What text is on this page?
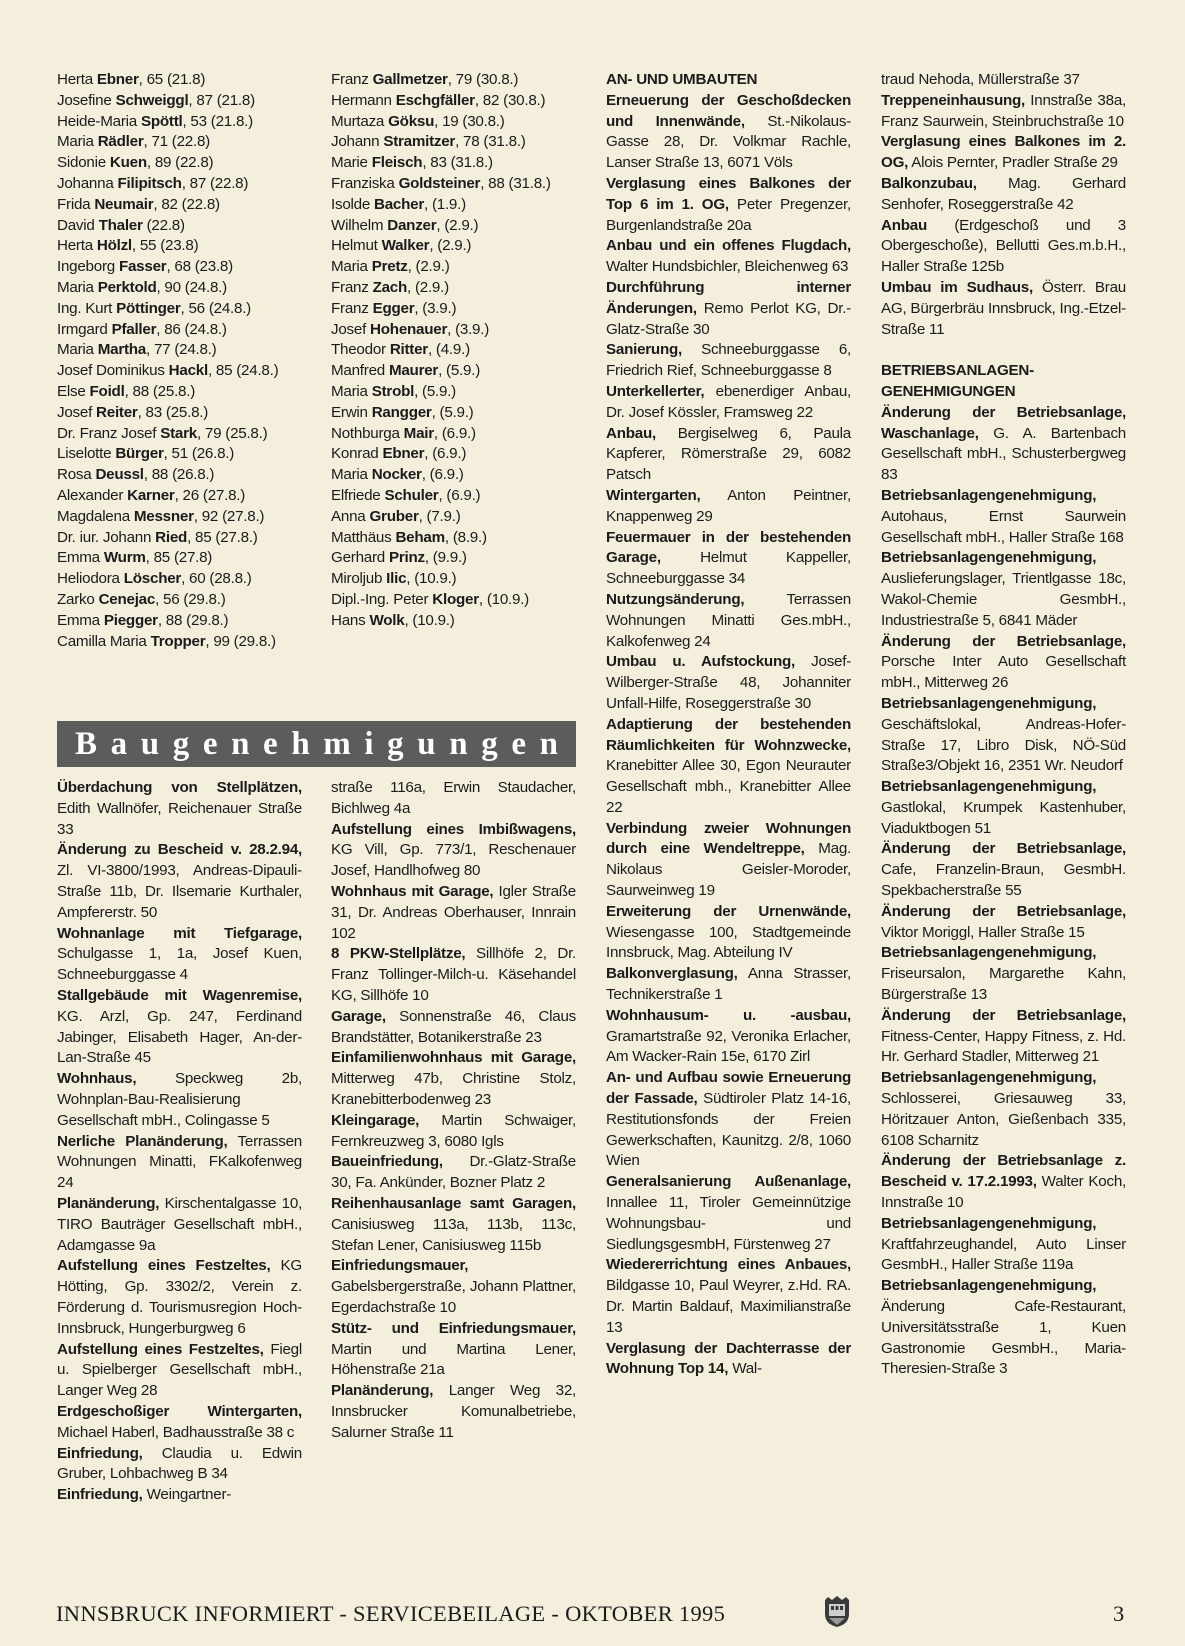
Herta Ebner, 65 (21.8)

Josefine Schweiggl, 87 (21.8)

Heide-Maria Spöttl, 53 (21.8.)

Maria Rädler, 71 (22.8)

Sidonie Kuen, 89 (22.8)

Johanna Filipitsch, 87 (22.8)

Frida Neumair, 82 (22.8)

David Thaler (22.8)

Herta Hölzl, 55 (23.8)

Ingeborg Fasser, 68 (23.8)

Maria Perktold, 90 (24.8.)

Ing. Kurt Pöttinger, 56 (24.8.)

Irmgard Pfaller, 86 (24.8.)

Maria Martha, 77 (24.8.)

Josef Dominikus Hackl, 85 (24.8.)

Else Foidl, 88 (25.8.)

Josef Reiter, 83 (25.8.)

Dr. Franz Josef Stark, 79 (25.8.)

Liselotte Bürger, 51 (26.8.)

Rosa Deussl, 88 (26.8.)

Alexander Karner, 26 (27.8.)

Magdalena Messner, 92 (27.8.)

Dr. iur. Johann Ried, 85 (27.8.)

Emma Wurm, 85 (27.8)

Heliodora Löscher, 60 (28.8.)

Zarko Cenejac, 56 (29.8.)

Emma Piegger, 88 (29.8.)

Camilla Maria Tropper, 99 (29.8.)

Franz Gallmetzer, 79 (30.8.)

Hermann Eschgfäller, 82 (30.8.)

Murtaza Göksu, 19 (30.8.)

Johann Stramitzer, 78 (31.8.)

Marie Fleisch, 83 (31.8.)

Franziska Goldsteiner, 88 (31.8.)

Isolde Bacher, (1.9.)

Wilhelm Danzer, (2.9.)

Helmut Walker, (2.9.)

Maria Pretz, (2.9.)

Franz Zach, (2.9.)

Franz Egger, (3.9.)

Josef Hohenauer, (3.9.)

Theodor Ritter, (4.9.)

Manfred Maurer, (5.9.)

Maria Strobl, (5.9.)

Erwin Rangger, (5.9.)

Nothburga Mair, (6.9.)

Konrad Ebner, (6.9.)

Maria Nocker, (6.9.)

Elfriede Schuler, (6.9.)

Anna Gruber, (7.9.)

Matthäus Beham, (8.9.)

Gerhard Prinz, (9.9.)

Miroljub Ilic, (10.9.)

Dipl.-Ing. Peter Kloger, (10.9.)

Hans Wolk, (10.9.)

B a u g e n e h m i g u n g e n

Überdachung von Stellplätzen, Edith Wallnöfer, Reichenauer Straße 33

Änderung zu Bescheid v. 28.2.94, Zl. VI-3800/1993, Andreas-Dipauli-Straße 11b, Dr. Ilsemarie Kurthaler, Ampfererstr. 50

Wohnanlage mit Tiefgarage, Schulgasse 1, 1a, Josef Kuen, Schneeburggasse 4

Stallgebäude mit Wagenremise, KG. Arzl, Gp. 247, Ferdinand Jabinger, Elisabeth Hager, An-der-Lan-Straße 45

Wohnhaus, Speckweg 2b, Wohnplan-Bau-Realisierung Gesellschaft mbH., Colingasse 5

Nerliche Planänderung, Terrassen Wohnungen Minatti, FKalkofenweg 24

Planänderung, Kirschentalgasse 10, TIRO Bauträger Gesellschaft mbH., Adamgasse 9a

Aufstellung eines Festzeltes, KG Hötting, Gp. 3302/2, Verein z. Förderung d. Tourismusregion Hoch-Innsbruck, Hungerburgweg 6

Aufstellung eines Festzeltes, Fiegl u. Spielberger Gesellschaft mbH., Langer Weg 28

Erdgeschoßiger Wintergarten, Michael Haberl, Badhausstraße 38 c

Einfriedung, Claudia u. Edwin Gruber, Lohbachweg B 34

Einfriedung, Weingartner-

straße 116a, Erwin Staudacher, Bichlweg 4a

Aufstellung eines Imbißwagens, KG Vill, Gp. 773/1, Reschenauer Josef, Handlhofweg 80

Wohnhaus mit Garage, Igler Straße 31, Dr. Andreas Oberhauser, Innrain 102

8 PKW-Stellplätze, Sillhöfe 2, Dr. Franz Tollinger-Milch-u. Käsehandel KG, Sillhöfe 10

Garage, Sonnenstraße 46, Claus Brandstätter, Botanikerstraße 23

Einfamilienwohnhaus mit Garage, Mitterweg 47b, Christine Stolz, Kranebitterbodenweg 23

Kleingarage, Martin Schwaiger, Fernkreuzweg 3, 6080 Igls

Baueinfriedung, Dr.-Glatz-Straße 30, Fa. Ankünder, Bozner Platz 2

Reihenhausanlage samt Garagen, Canisiusweg 113a, 113b, 113c, Stefan Lener, Canisiusweg 115b

Einfriedungsmauer, Gabelsbergerstraße, Johann Plattner, Egerdachstraße 10

Stütz- und Einfriedungsmauer, Martin und Martina Lener, Höhenstraße 21a

Planänderung, Langer Weg 32, Innsbrucker Komunalbetriebe, Salurner Straße 11

AN- UND UMBAUTEN

Erneuerung der Geschoßdecken und Innenwände, St.-Nikolaus-Gasse 28, Dr. Volkmar Rachle, Lanser Straße 13, 6071 Völs

Verglasung eines Balkones der Top 6 im 1. OG, Peter Pregenzer, Burgenlandstraße 20a

Anbau und ein offenes Flugdach, Walter Hundsbichler, Bleichenweg 63

Durchführung interner Änderungen, Remo Perlot KG, Dr.-Glatz-Straße 30

Sanierung, Schneeburggasse 6, Friedrich Rief, Schneeburggasse 8

Unterkellerter, ebenerdiger Anbau, Dr. Josef Kössler, Framsweg 22

Anbau, Bergiselweg 6, Paula Kapferer, Römerstraße 29, 6082 Patsch

Wintergarten, Anton Peintner, Knappenweg 29

Feuermauer in der bestehenden Garage, Helmut Kappeller, Schneeburggasse 34

Nutzungsänderung, Terrassen Wohnungen Minatti Ges.mbH., Kalkofenweg 24

Umbau u. Aufstockung, Josef-Wilberger-Straße 48, Johanniter Unfall-Hilfe, Roseggerstraße 30

Adaptierung der bestehenden Räumlichkeiten für Wohnzwecke, Kranebitter Allee 30, Egon Neurauter Gesellschaft mbh., Kranebitter Allee 22

Verbindung zweier Wohnungen durch eine Wendeltreppe, Mag. Nikolaus Geisler-Moroder, Saurweinweg 19

Erweiterung der Urnenwände, Wiesengasse 100, Stadtgemeinde Innsbruck, Mag. Abteilung IV

Balkonverglasung, Anna Strasser, Technikerstraße 1

Wohnhausum- u. -ausbau, Gramartstraße 92, Veronika Erlacher, Am Wacker-Rain 15e, 6170 Zirl

An- und Aufbau sowie Erneuerung der Fassade, Südtiroler Platz 14-16, Restitutionsfonds der Freien Gewerkschaften, Kaunitzg. 2/8, 1060 Wien

Generalsanierung Außenanlage, Innallee 11, Tiroler Gemeinnützige Wohnungsbau- und SiedlungsgesmbH, Fürstenweg 27

Wiedererrichtung eines Anbaues, Bildgasse 10, Paul Weyrer, z.Hd. RA. Dr. Martin Baldauf, Maximilianstraße 13

Verglasung der Dachterrasse der Wohnung Top 14, Wal-

traud Nehoda, Müllerstraße 37

Treppeneinhausung, Innstraße 38a, Franz Saurwein, Steinbruchstraße 10

Verglasung eines Balkones im 2. OG, Alois Pernter, Pradler Straße 29

Balkonzubau, Mag. Gerhard Senhofer, Roseggerstraße 42

Anbau (Erdgeschoß und 3 Obergeschoße), Bellutti Ges.m.b.H., Haller Straße 125b

Umbau im Sudhaus, Österr. Brau AG, Bürgerbräu Innsbruck, Ing.-Etzel-Straße 11

BETRIEBSANLAGEN-GENEHMIGUNGEN

Änderung der Betriebsanlage, Waschanlage, G. A. Bartenbach Gesellschaft mbH., Schusterbergweg 83

Betriebsanlagengenehmigung, Autohaus, Ernst Saurwein Gesellschaft mbH., Haller Straße 168

Betriebsanlagengenehmigung, Auslieferungslager, Trientlgasse 18c, Wakol-Chemie GesmbH., Industriestraße 5, 6841 Mäder

Änderung der Betriebsanlage, Porsche Inter Auto Gesellschaft mbH., Mitterweg 26

Betriebsanlagengenehmigung, Geschäftslokal, Andreas-Hofer-Straße 17, Libro Disk, NÖ-Süd Straße3/Objekt 16, 2351 Wr. Neudorf

Betriebsanlagengenehmigung, Gastlokal, Krumpek Kastenhuber, Viaduktbogen 51

Änderung der Betriebsanlage, Cafe, Franzelin-Braun, GesmbH. Spekbacherstraße 55

Änderung der Betriebsanlage, Viktor Moriggl, Haller Straße 15

Betriebsanlagengenehmigung, Friseursalon, Margarethe Kahn, Bürgerstraße 13

Änderung der Betriebsanlage, Fitness-Center, Happy Fitness, z. Hd. Hr. Gerhard Stadler, Mitterweg 21

Betriebsanlagengenehmigung, Schlosserei, Griesauweg 33, Höritzauer Anton, Gießenbach 335, 6108 Scharnitz

Änderung der Betriebsanlage z. Bescheid v. 17.2.1993, Walter Koch, Innstraße 10

Betriebsanlagengenehmigung, Kraftfahrzeughandel, Auto Linser GesmbH., Haller Straße 119a

Betriebsanlagengenehmigung, Änderung Cafe-Restaurant, Universitätsstraße 1, Kuen Gastronomie GesmbH., Maria-Theresien-Straße 3

INNSBRUCK INFORMIERT - SERVICEBEILAGE - OKTOBER 1995	3
